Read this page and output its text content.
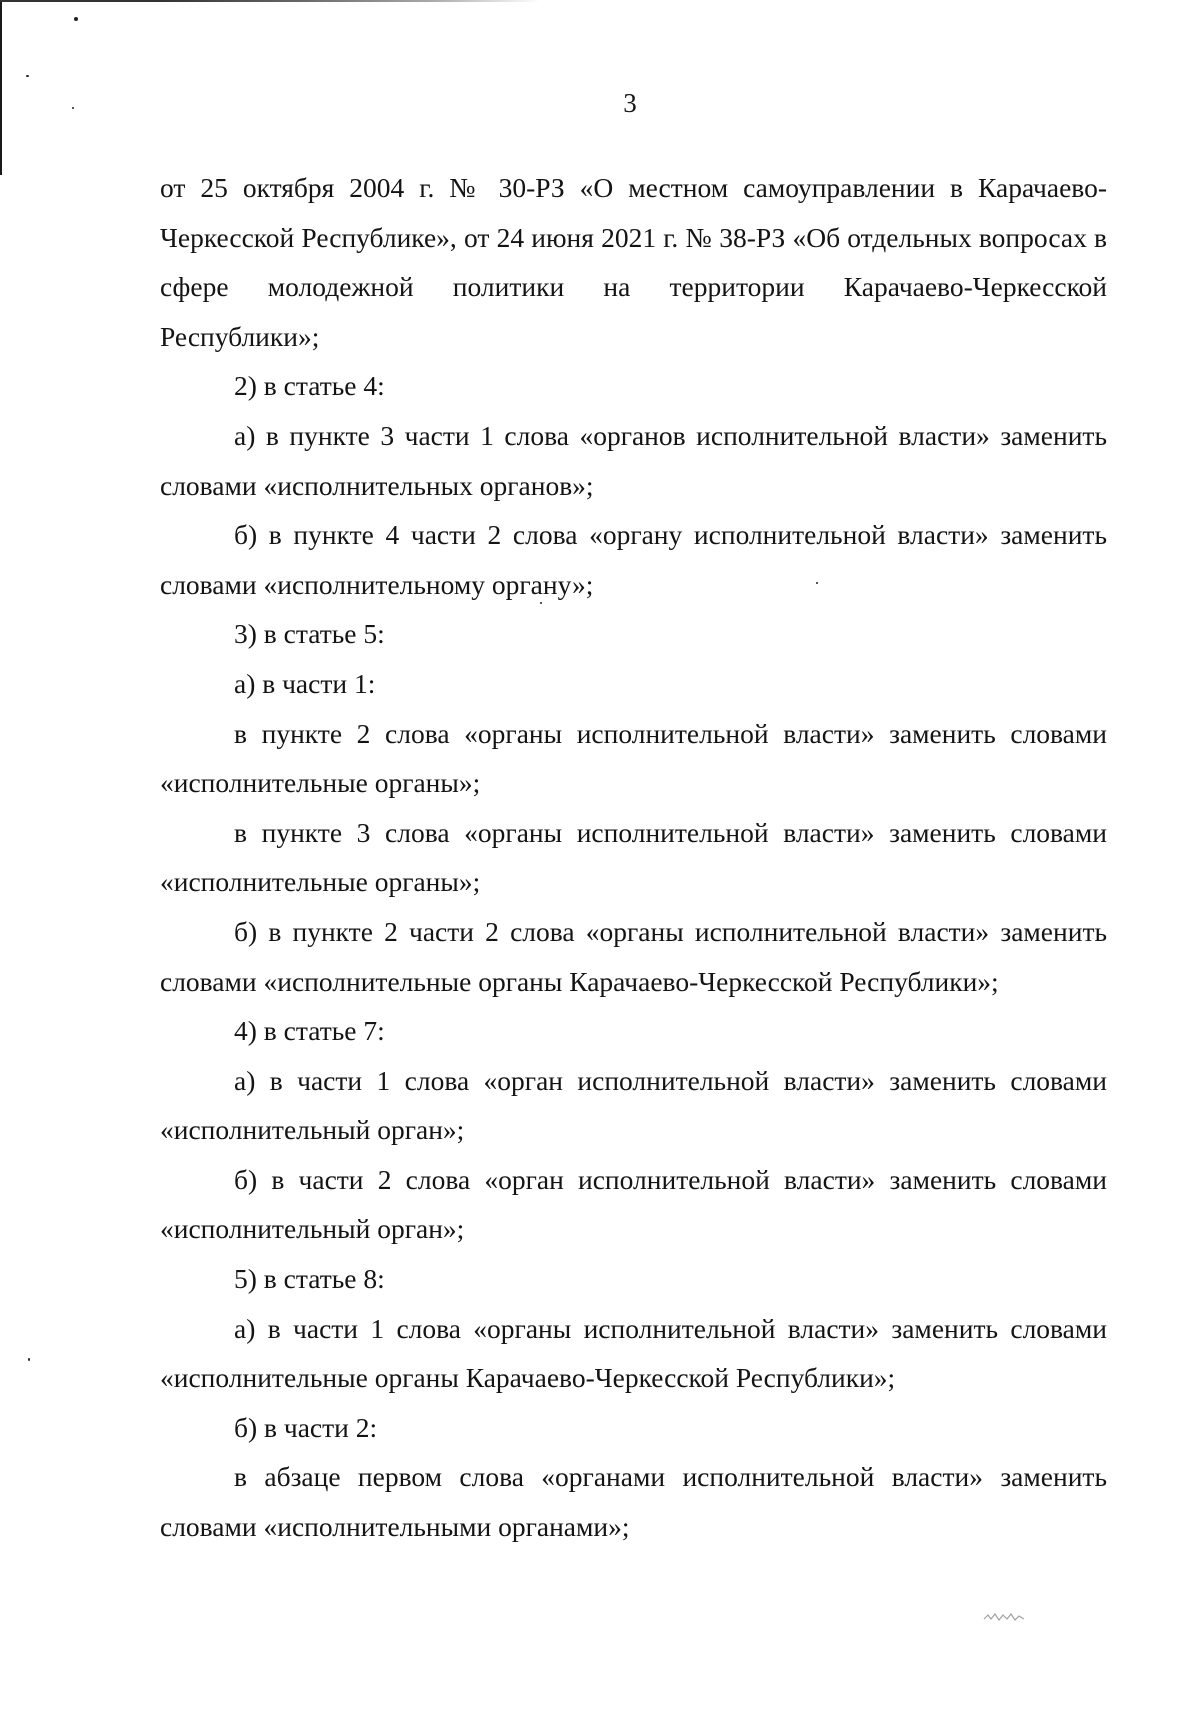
3

от 25 октября 2004 г. № 30-РЗ «О местном самоуправлении в Карачаево-Черкесской Республике», от 24 июня 2021 г. № 38-РЗ «Об отдельных вопросах в сфере молодежной политики на территории Карачаево-Черкесской Республики»;

2) в статье 4:

а) в пункте 3 части 1 слова «органов исполнительной власти» заменить словами «исполнительных органов»;

б) в пункте 4 части 2 слова «органу исполнительной власти» заменить словами «исполнительному органу»;

3) в статье 5:

а) в части 1:

в пункте 2 слова «органы исполнительной власти» заменить словами «исполнительные органы»;

в пункте 3 слова «органы исполнительной власти» заменить словами «исполнительные органы»;

б) в пункте 2 части 2 слова «органы исполнительной власти» заменить словами «исполнительные органы Карачаево-Черкесской Республики»;

4) в статье 7:

а) в части 1 слова «орган исполнительной власти» заменить словами «исполнительный орган»;

б) в части 2 слова «орган исполнительной власти» заменить словами «исполнительный орган»;

5) в статье 8:

а) в части 1 слова «органы исполнительной власти» заменить словами «исполнительные органы Карачаево-Черкесской Республики»;

б) в части 2:

в абзаце первом слова «органами исполнительной власти» заменить словами «исполнительными органами»;
